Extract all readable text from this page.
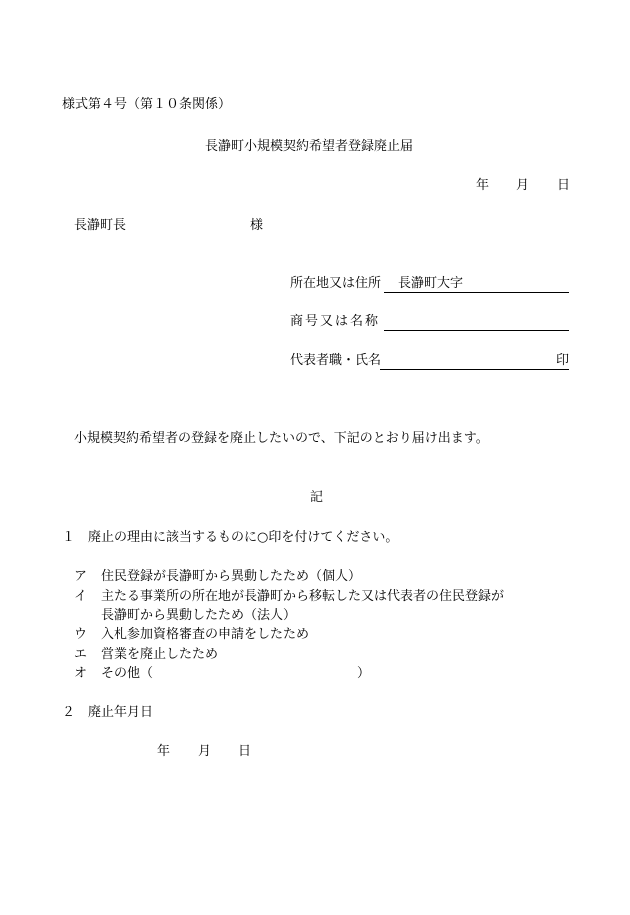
様式第４号（第１０条関係）
長瀞町小規模契約希望者登録廃止届
年 月 日
長瀞町長	様
所在地又は住所	長瀞町大字
商号又は名称
代表者職・氏名	印
小規模契約希望者の登録を廃止したいので、下記のとおり届け出ます。
記
１ 廃止の理由に該当するものに○印を付けてください。
ア 住民登録が長瀞町から異動したため（個人）
イ 主たる事業所の所在地が長瀞町から移転した又は代表者の住民登録が
長瀞町から異動したため（法人）
ウ 入札参加資格審査の申請をしたため
エ 営業を廃止したため
オ その他（	）
２ 廃止年月日
年 月 日
